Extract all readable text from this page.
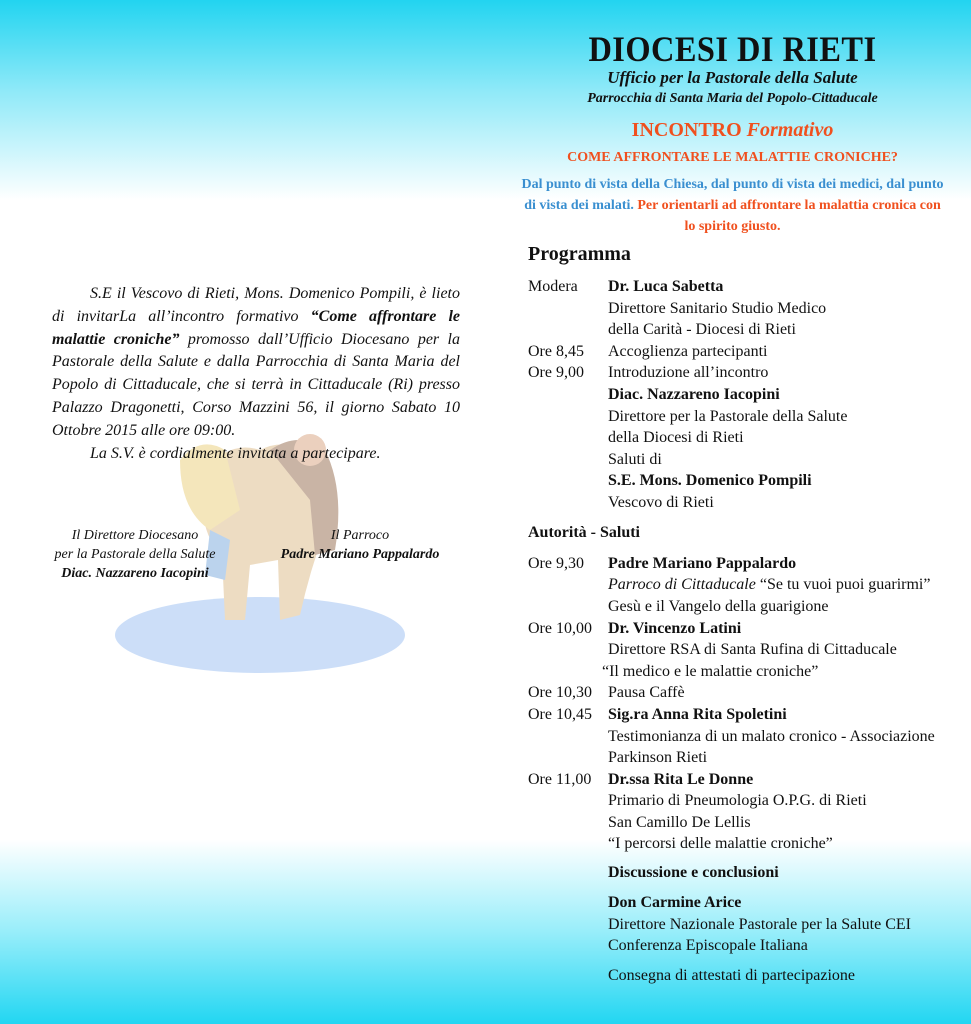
DIOCESI DI RIETI
Ufficio per la Pastorale della Salute
Parrocchia di Santa Maria del Popolo-Cittaducale
INCONTRO Formativo
COME AFFRONTARE LE MALATTIE CRONICHE?
Dal punto di vista della Chiesa, dal punto di vista dei medici, dal punto di vista dei malati. Per orientarli ad affrontare la malattia cronica con lo spirito giusto.
Programma
Modera Dr. Luca Sabetta
Direttore Sanitario Studio Medico
della Carità - Diocesi di Rieti
Ore 8,45 Accoglienza partecipanti
Ore 9,00 Introduzione all’incontro
Diac. Nazzareno Iacopini
Direttore per la Pastorale della Salute
della Diocesi di Rieti
Saluti di
S.E. Mons. Domenico Pompili
Vescovo di Rieti
Autorità - Saluti
Ore 9,30 Padre Mariano Pappalardo
Parroco di Cittaducale “Se tu vuoi puoi guarirmi”
Gesù e il Vangelo della guarigione
Ore 10,00 Dr. Vincenzo Latini
Direttore RSA di Santa Rufina di Cittaducale
“Il medico e le malattie croniche”
Ore 10,30 Pausa Caffè
Ore 10,45 Sig.ra Anna Rita Spoletini
Testimonianza di un malato cronico - Associazione
Parkinson Rieti
Ore 11,00 Dr.ssa Rita Le Donne
Primario di Pneumologia O.P.G. di Rieti
San Camillo De Lellis
“I percorsi delle malattie croniche”
Discussione e conclusioni
Don Carmine Arice
Direttore Nazionale Pastorale per la Salute CEI
Conferenza Episcopale Italiana
Consegna di attestati di partecipazione
S.E il Vescovo di Rieti, Mons. Domenico Pompili, è lieto di invitarLa all’incontro formativo “Come affrontare le malattie croniche” promosso dall’Ufficio Diocesano per la Pastorale della Salute e dalla Parrocchia di Santa Maria del Popolo di Cittaducale, che si terrà in Cittaducale (Ri) presso Palazzo Dragonetti, Corso Mazzini 56, il giorno Sabato 10 Ottobre 2015 alle ore 09:00.
La S.V. è cordialmente invitata a partecipare.
Il Direttore Diocesano
per la Pastorale della Salute
Diac. Nazzareno Iacopini
Il Parroco
Padre Mariano Pappalardo
